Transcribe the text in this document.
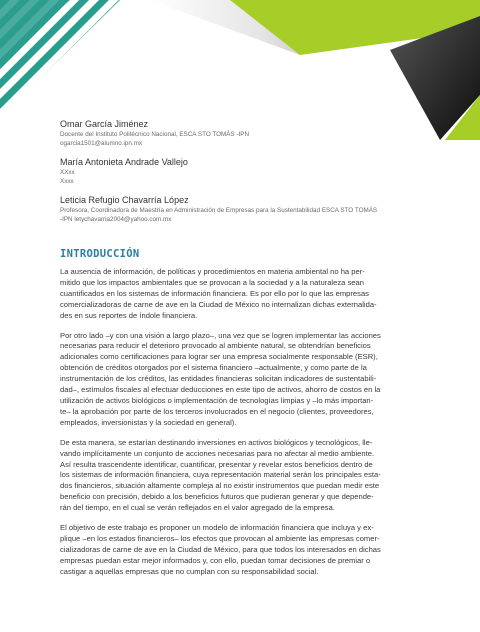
Omar García Jiménez
Docente del Instituto Politécnico Nacional, ESCA STO TOMÁS -IPN
ogarcia1501@alumno.ipn.mx
María Antonieta Andrade Vallejo
XXxx
Xxxx
Leticia Refugio Chavarría López
Profesora, Coordinadora de Maestría en Administración de Empresas para la Sustentabilidad ESCA STO TOMÁS
-IPN letychavarria2004@yahoo.com.mx
INTRODUCCIÓN

La ausencia de información, de políticas y procedimientos en materia ambiental no ha per-
mitido que los impactos ambientales que se provocan a la sociedad y a la naturaleza sean
cuantificados en los sistemas de información financiera. Es por ello por lo que las empresas
comercializadoras de carne de ave en la Ciudad de México no internalizan dichas externalida-
des en sus reportes de índole financiera.

Por otro lado –y con una visión a largo plazo–, una vez que se logren implementar las acciones
necesarias para reducir el deterioro provocado al ambiente natural, se obtendrían beneficios
adicionales como certificaciones para lograr ser una empresa socialmente responsable (ESR),
obtención de créditos otorgados por el sistema financiero –actualmente, y como parte de la
instrumentación de los créditos, las entidades financieras solicitan indicadores de sustentabili-
dad–, estímulos fiscales al efectuar deducciones en este tipo de activos, ahorro de costos en la
utilización de activos biológicos o implementación de tecnologías limpias y –lo más importan-
te– la aprobación por parte de los terceros involucrados en el negocio (clientes, proveedores,
empleados, inversionistas y la sociedad en general).

De esta manera, se estarían destinando inversiones en activos biológicos y tecnológicos, lle-
vando implícitamente un conjunto de acciones necesarias para no afectar al medio ambiente.
Así resulta trascendente identificar, cuantificar, presentar y revelar estos beneficios dentro de
los sistemas de información financiera, cuya representación material serán los principales esta-
dos financieros, situación altamente compleja al no existir instrumentos que puedan medir este
beneficio con precisión, debido a los beneficios futuros que pudieran generar y que depende-
rán del tiempo, en el cual se verán reflejados en el valor agregado de la empresa.

El objetivo de este trabajo es proponer un modelo de información financiera que incluya y ex-
plique –en los estados financieros– los efectos que provocan al ambiente las empresas comer-
cializadoras de carne de ave en la Ciudad de México, para que todos los interesados en dichas
empresas puedan estar mejor informados y, con ello, puedan tomar decisiones de premiar o
castigar a aquellas empresas que no cumplan con su responsabilidad social.
